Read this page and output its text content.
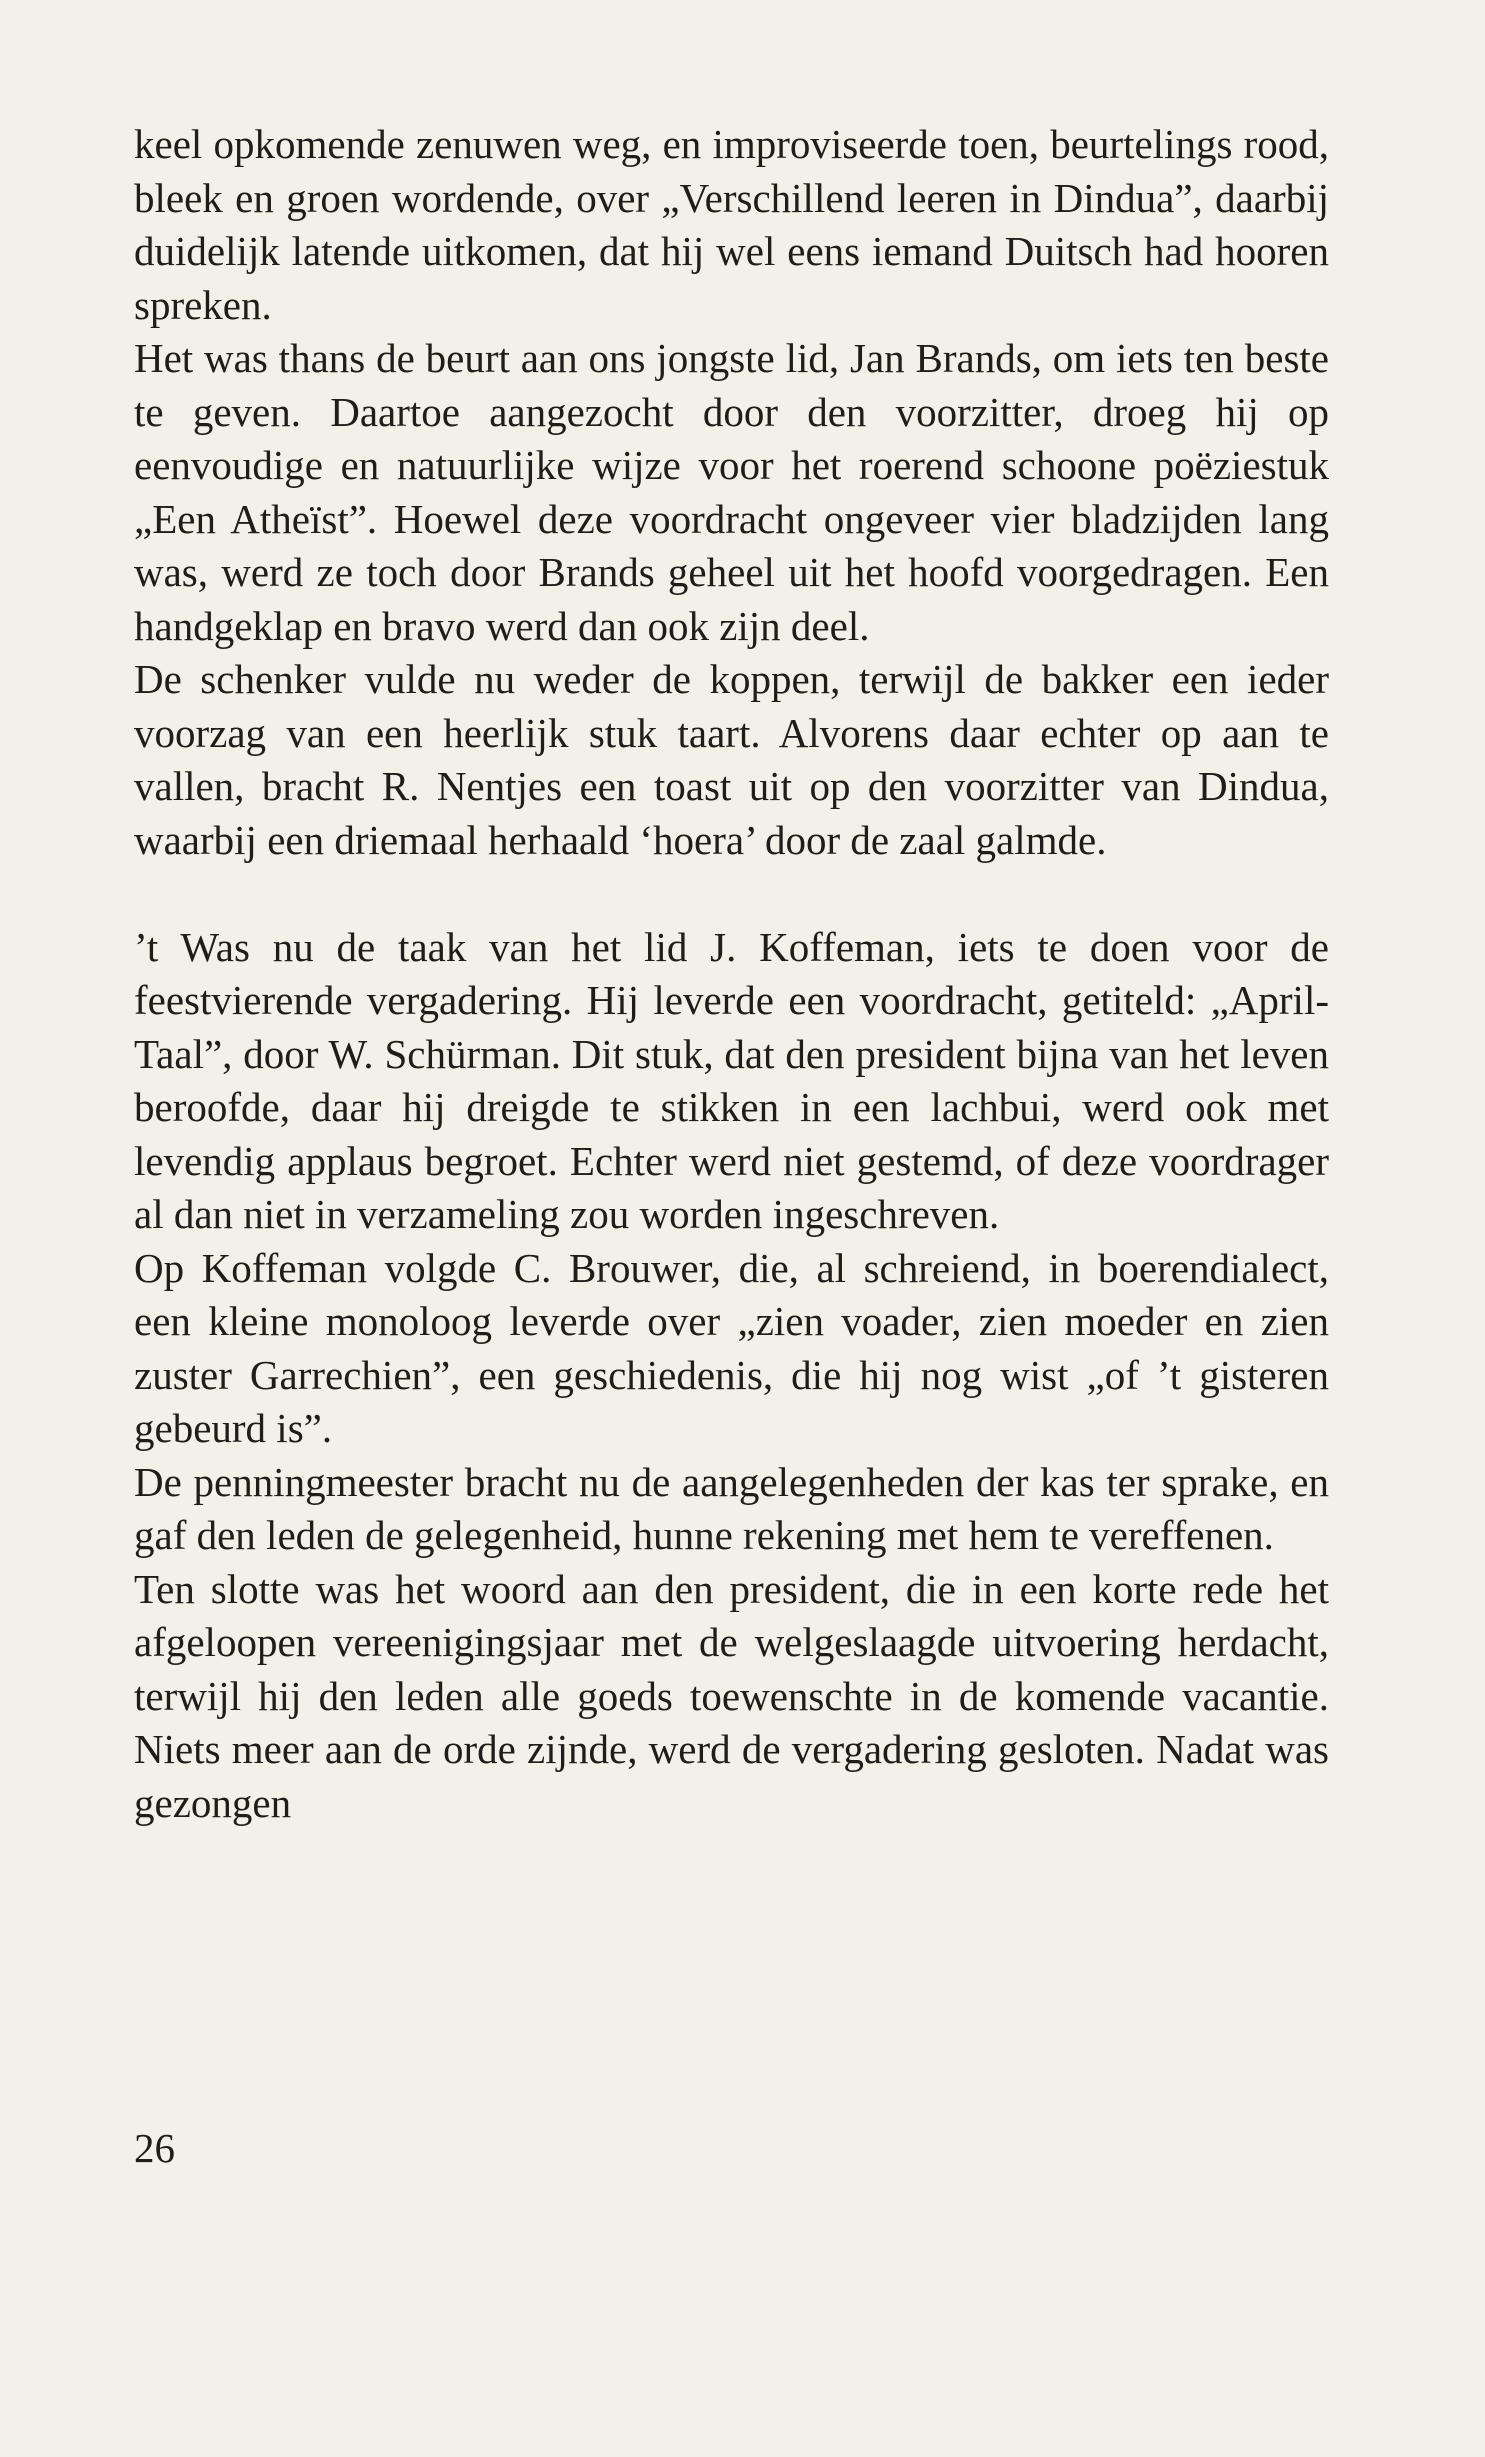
keel opkomende zenuwen weg, en improviseerde toen, beurtelings rood, bleek en groen wordende, over „Verschillend leeren in Dindua”, daarbij duidelijk latende uitkomen, dat hij wel eens iemand Duitsch had hooren spreken.

Het was thans de beurt aan ons jongste lid, Jan Brands, om iets ten beste te geven. Daartoe aangezocht door den voorzitter, droeg hij op eenvoudige en natuurlijke wijze voor het roerend schoone poëziestuk „Een Atheïst”. Hoewel deze voordracht ongeveer vier bladzijden lang was, werd ze toch door Brands geheel uit het hoofd voorgedragen. Een handgeklap en bravo werd dan ook zijn deel.

De schenker vulde nu weder de koppen, terwijl de bakker een ieder voorzag van een heerlijk stuk taart. Alvorens daar echter op aan te vallen, bracht R. Nentjes een toast uit op den voorzitter van Dindua, waarbij een driemaal herhaald ‘hoera’ door de zaal galmde.

’t Was nu de taak van het lid J. Koffeman, iets te doen voor de feestvierende vergadering. Hij leverde een voordracht, getiteld: „April-Taal”, door W. Schürman. Dit stuk, dat den president bijna van het leven beroofde, daar hij dreigde te stikken in een lachbui, werd ook met levendig applaus begroet. Echter werd niet gestemd, of deze voordrager al dan niet in verzameling zou worden ingeschreven.

Op Koffeman volgde C. Brouwer, die, al schreiend, in boerendialect, een kleine monoloog leverde over „zien voader, zien moeder en zien zuster Garrechien”, een geschiedenis, die hij nog wist „of ’t gisteren gebeurd is”.

De penningmeester bracht nu de aangelegenheden der kas ter sprake, en gaf den leden de gelegenheid, hunne rekening met hem te vereffenen.

Ten slotte was het woord aan den president, die in een korte rede het afgeloopen vereenigingsjaar met de welgeslaagde uitvoering herdacht, terwijl hij den leden alle goeds toewenschte in de komende vacantie. Niets meer aan de orde zijnde, werd de vergadering gesloten. Nadat was gezongen

26
